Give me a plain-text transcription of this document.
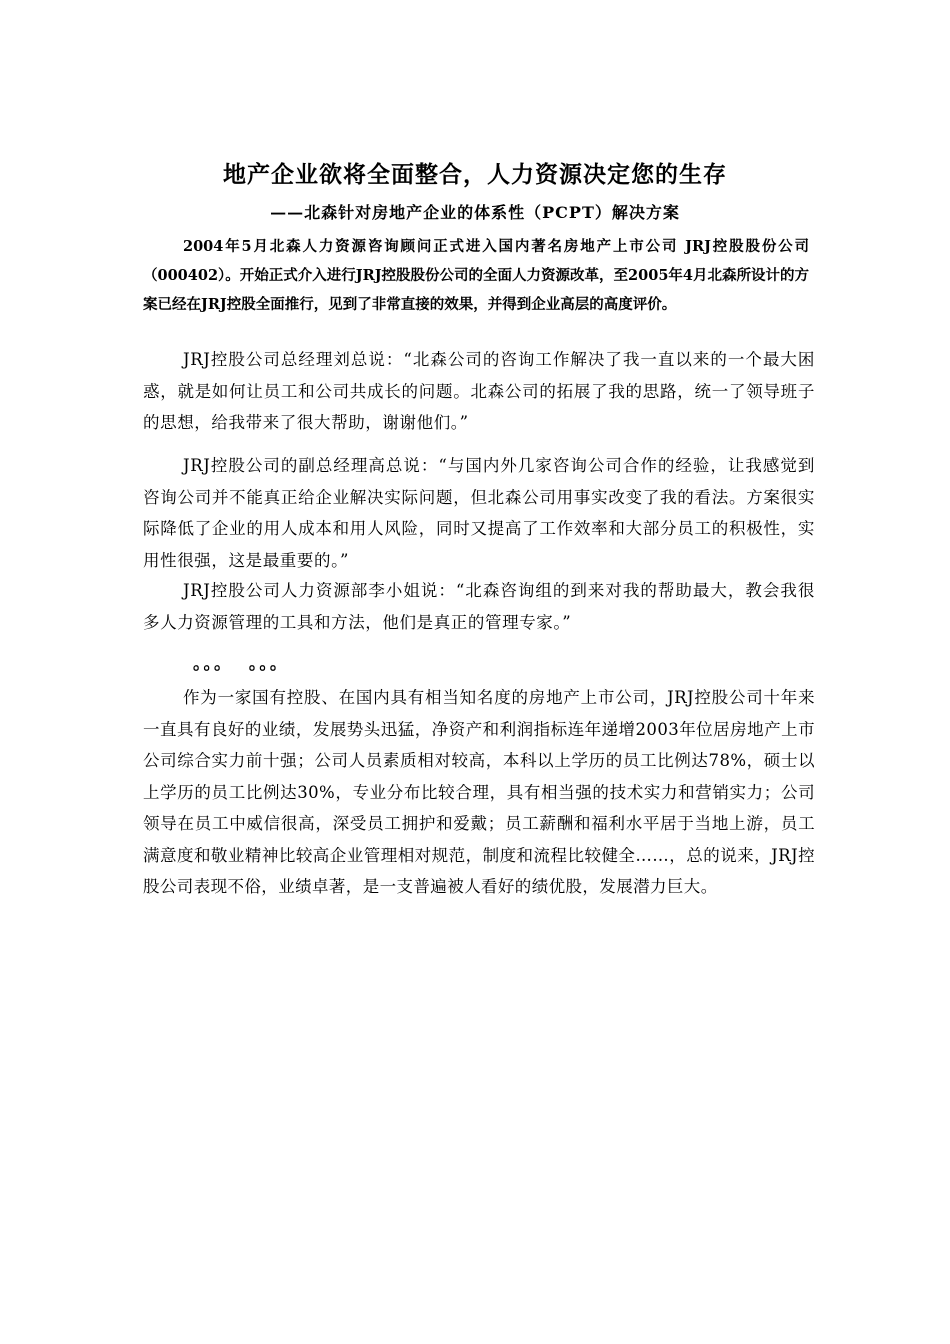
地产企业欲将全面整合，人力资源决定您的生存
——北森针对房地产企业的体系性（PCPT）解决方案

2004年5月北森人力资源咨询顾问正式进入国内著名房地产上市公司 JRJ控股股份公司（000402）。开始正式介入进行JRJ控股股份公司的全面人力资源改革，至2005年4月北森所设计的方案已经在JRJ控股全面推行，见到了非常直接的效果，并得到企业高层的高度评价。

JRJ控股公司总经理刘总说：“北森公司的咨询工作解决了我一直以来的一个最大困惑，就是如何让员工和公司共成长的问题。北森公司的拓展了我的思路，统一了领导班子的思想，给我带来了很大帮助，谢谢他们。”

JRJ控股公司的副总经理高总说：“与国内外几家咨询公司合作的经验，让我感觉到咨询公司并不能真正给企业解决实际问题，但北森公司用事实改变了我的看法。方案很实际降低了企业的用人成本和用人风险，同时又提高了工作效率和大部分员工的积极性，实用性很强，这是最重要的。”

JRJ控股公司人力资源部李小姐说：“北森咨询组的到来对我的帮助最大，教会我很多人力资源管理的工具和方法，他们是真正的管理专家。”

。。。  。。。

作为一家国有控股、在国内具有相当知名度的房地产上市公司，JRJ控股公司十年来一直具有良好的业绩，发展势头迅猛，净资产和利润指标连年递增2003年位居房地产上市公司综合实力前十强；公司人员素质相对较高，本科以上学历的员工比例达78%，硕士以上学历的员工比例达30%，专业分布比较合理，具有相当强的技术实力和营销实力；公司领导在员工中威信很高，深受员工拥护和爱戴；员工薪酬和福利水平居于当地上游，员工满意度和敬业精神比较高企业管理相对规范，制度和流程比较健全……，总的说来，JRJ控股公司表现不俗，业绩卓著，是一支普遍被人看好的绩优股，发展潜力巨大。
